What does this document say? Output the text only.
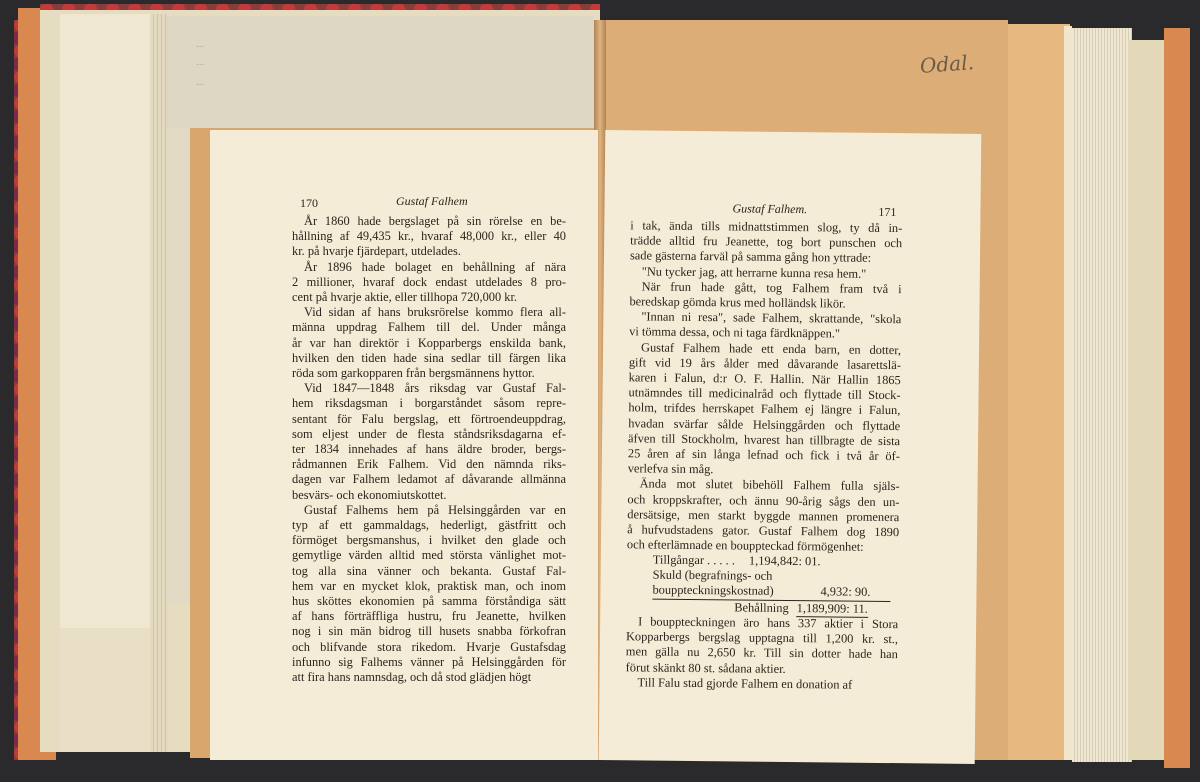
...
...
...
Odal.
170	Gustaf Falhem
År 1860 hade bergslaget på sin rörelse en be-
hållning af 49,435 kr., hvaraf 48,000 kr., eller 40
kr. på hvarje fjärdepart, utdelades.
År 1896 hade bolaget en behållning af nära
2 millioner, hvaraf dock endast utdelades 8 pro-
cent på hvarje aktie, eller tillhopa 720,000 kr.
Vid sidan af hans bruksrörelse kommo flera all-
männa uppdrag Falhem till del. Under många
år var han direktör i Kopparbergs enskilda bank,
hvilken den tiden hade sina sedlar till färgen lika
röda som garkopparen från bergsmännens hyttor.
Vid 1847—1848 års riksdag var Gustaf Fal-
hem riksdagsman i borgarståndet såsom repre-
sentant för Falu bergslag, ett förtroendeuppdrag,
som eljest under de flesta ståndsriksdagarna ef-
ter 1834 innehades af hans äldre broder, bergs-
rådmannen Erik Falhem. Vid den nämnda riks-
dagen var Falhem ledamot af dåvarande allmänna
besvärs- och ekonomiutskottet.
Gustaf Falhems hem på Helsinggården var en
typ af ett gammaldags, hederligt, gästfritt och
förmöget bergsmanshus, i hvilket den glade och
gemytlige värden alltid med största vänlighet mot-
tog alla sina vänner och bekanta. Gustaf Fal-
hem var en mycket klok, praktisk man, och inom
hus sköttes ekonomien på samma förståndiga sätt
af hans förträffliga hustru, fru Jeanette, hvilken
nog i sin män bidrog till husets snabba förkofran
och blifvande stora rikedom. Hvarje Gustafsdag
infunno sig Falhems vänner på Helsinggården för
att fira hans namnsdag, och då stod glädjen högt
Gustaf Falhem.	171
i tak, ända tills midnattstimmen slog, ty då in-
trädde alltid fru Jeanette, tog bort punschen och
sade gästerna farväl på samma gång hon yttrade:
"Nu tycker jag, att herrarne kunna resa hem."
När frun hade gått, tog Falhem fram två i
beredskap gömda krus med holländsk likör.
"Innan ni resa", sade Falhem, skrattande, "skola
vi tömma dessa, och ni taga färdknäppen."
Gustaf Falhem hade ett enda barn, en dotter,
gift vid 19 års ålder med dåvarande lasarettslä-
karen i Falun, d:r O. F. Hallin. När Hallin 1865
utnämndes till medicinalråd och flyttade till Stock-
holm, trifdes herrskapet Falhem ej längre i Falun,
hvadan svärfar sålde Helsinggården och flyttade
äfven till Stockholm, hvarest han tillbragte de sista
25 åren af sin långa lefnad och fick i två år öf-
verlefva sin måg.
Ända mot slutet bibehöll Falhem fulla själs-
och kroppskrafter, och ännu 90-årig sågs den un-
dersätsige, men starkt byggde mannen promenera
å hufvudstadens gator. Gustaf Falhem dog 1890
och efterlämnade en bouppteckad förmögenhet:
Tillgångar . . . . . 1,194,842: 01.
Skuld (begrafnings- och
bouppteckningskostnad)	4,932: 90.
Behållning 1,189,909: 11.
I bouppteckningen äro hans 337 aktier i Stora
Kopparbergs bergslag upptagna till 1,200 kr. st.,
men gälla nu 2,650 kr. Till sin dotter hade han
förut skänkt 80 st. sådana aktier.
Till Falu stad gjorde Falhem en donation af
